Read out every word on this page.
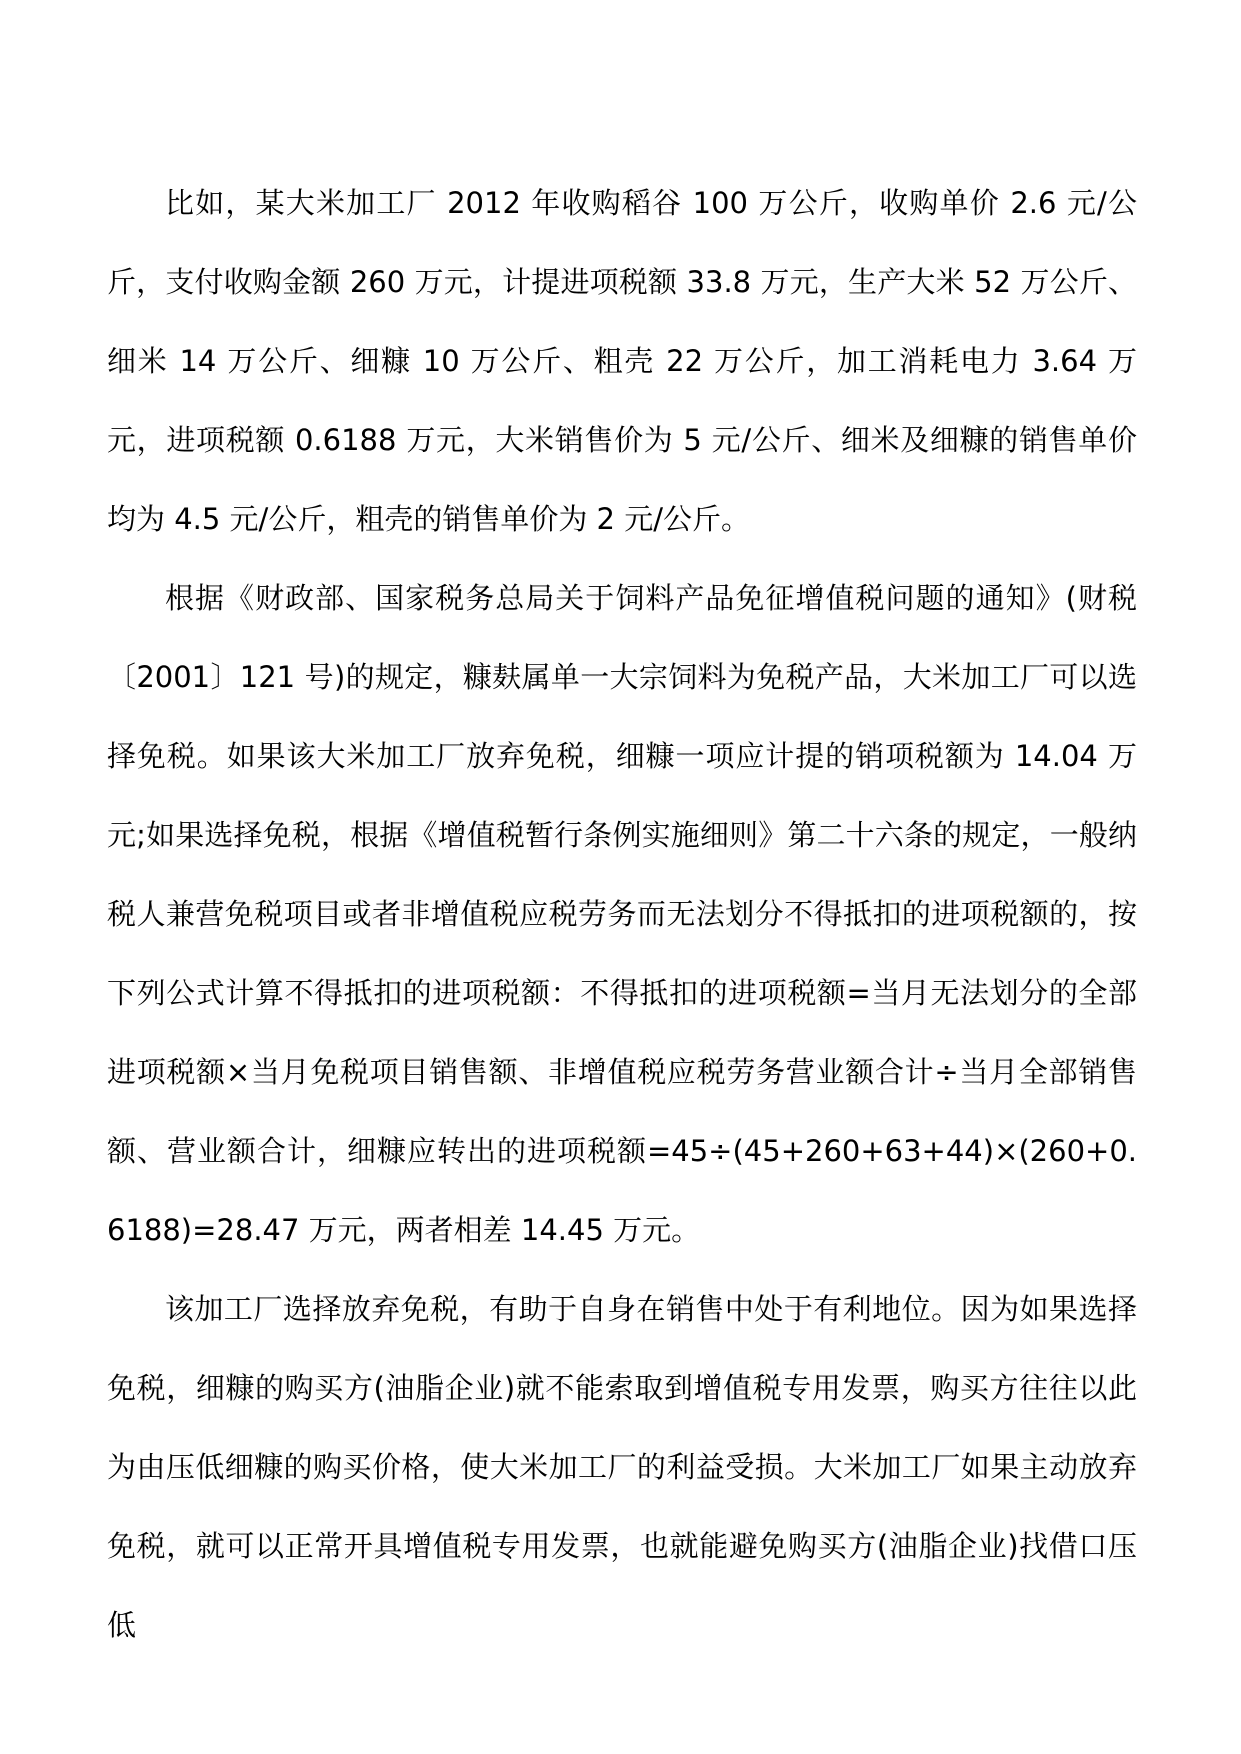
比如，某大米加工厂 2012 年收购稻谷 100 万公斤，收购单价 2.6 元/公斤，支付收购金额 260 万元，计提进项税额 33.8 万元，生产大米 52 万公斤、细米 14 万公斤、细糠 10 万公斤、粗壳 22 万公斤，加工消耗电力 3.64 万元，进项税额 0.6188 万元，大米销售价为 5 元/公斤、细米及细糠的销售单价均为 4.5 元/公斤，粗壳的销售单价为 2 元/公斤。

根据《财政部、国家税务总局关于饲料产品免征增值税问题的通知》(财税〔2001〕121 号)的规定，糠麸属单一大宗饲料为免税产品，大米加工厂可以选择免税。如果该大米加工厂放弃免税，细糠一项应计提的销项税额为 14.04 万元;如果选择免税，根据《增值税暂行条例实施细则》第二十六条的规定，一般纳税人兼营免税项目或者非增值税应税劳务而无法划分不得抵扣的进项税额的，按下列公式计算不得抵扣的进项税额：不得抵扣的进项税额=当月无法划分的全部进项税额×当月免税项目销售额、非增值税应税劳务营业额合计÷当月全部销售额、营业额合计，细糠应转出的进项税额=45÷(45+260+63+44)×(260+0.6188)=28.47 万元，两者相差 14.45 万元。

该加工厂选择放弃免税，有助于自身在销售中处于有利地位。因为如果选择免税，细糠的购买方(油脂企业)就不能索取到增值税专用发票，购买方往往以此为由压低细糠的购买价格，使大米加工厂的利益受损。大米加工厂如果主动放弃免税，就可以正常开具增值税专用发票，也就能避免购买方(油脂企业)找借口压低
